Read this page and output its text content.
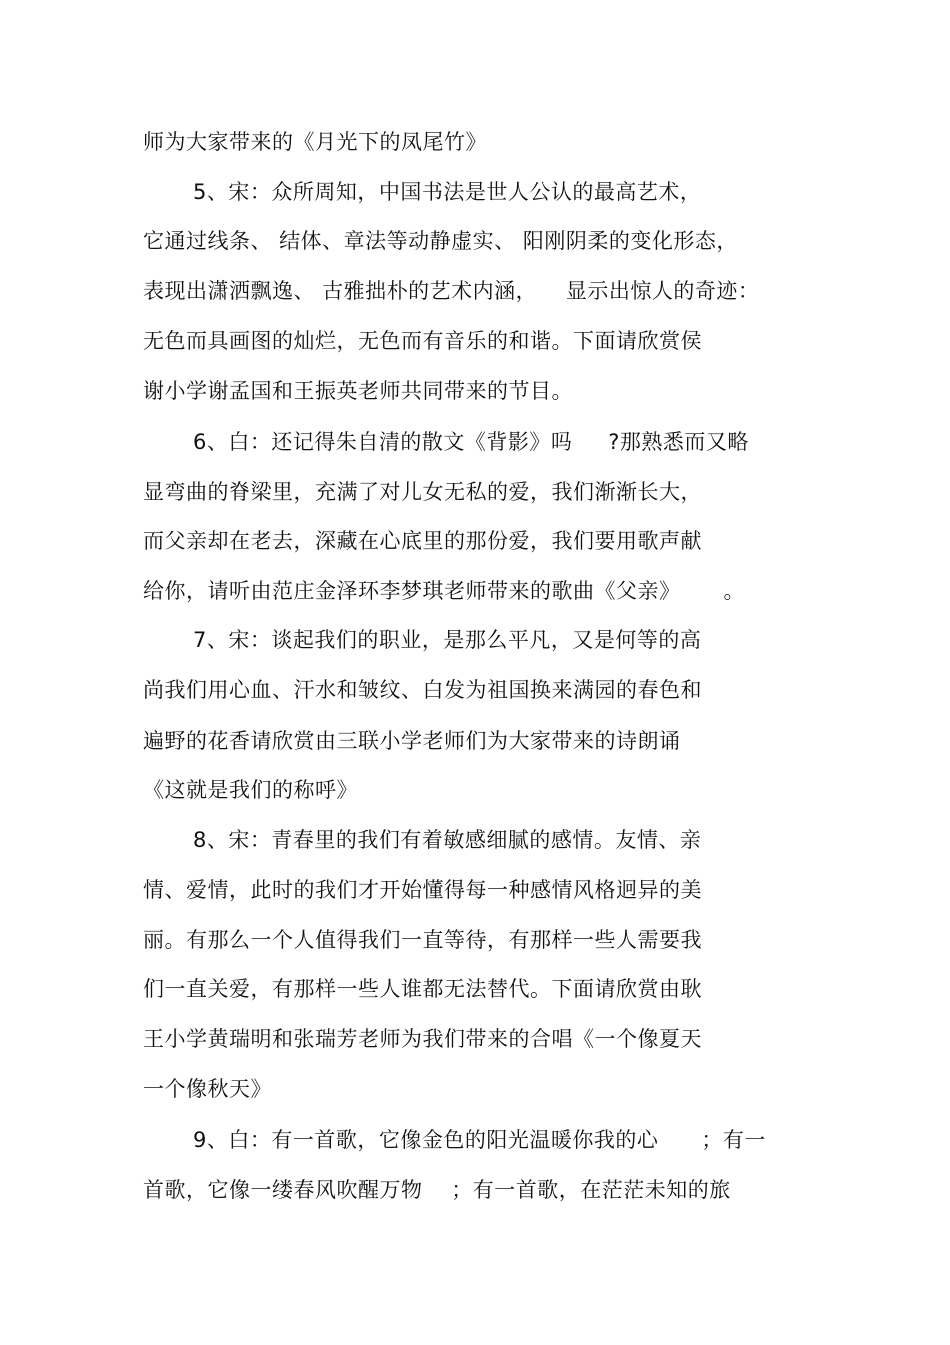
师为大家带来的《月光下的凤尾竹》
5、宋：众所周知，中国书法是世人公认的最高艺术，
它通过线条、 结体、章法等动静虚实、 阳刚阴柔的变化形态，
表现出潇洒飘逸、 古雅拙朴的艺术内涵，    显示出惊人的奇迹：
无色而具画图的灿烂，无色而有音乐的和谐。下面请欣赏侯
谢小学谢孟国和王振英老师共同带来的节目。
6、白：还记得朱自清的散文《背影》吗     ?那熟悉而又略
显弯曲的脊梁里，充满了对儿女无私的爱，我们渐渐长大，
而父亲却在老去，深藏在心底里的那份爱，我们要用歌声献
给你，请听由范庄金泽环李梦琪老师带来的歌曲《父亲》      。
7、宋：谈起我们的职业，是那么平凡，又是何等的高
尚我们用心血、汗水和皱纹、白发为祖国换来满园的春色和
遍野的花香请欣赏由三联小学老师们为大家带来的诗朗诵
《这就是我们的称呼》
8、宋：青春里的我们有着敏感细腻的感情。友情、亲
情、爱情，此时的我们才开始懂得每一种感情风格迥异的美
丽。有那么一个人值得我们一直等待，有那样一些人需要我
们一直关爱，有那样一些人谁都无法替代。下面请欣赏由耿
王小学黄瑞明和张瑞芳老师为我们带来的合唱《一个像夏天
一个像秋天》
9、白：有一首歌，它像金色的阳光温暖你我的心      ；有一
首歌，它像一缕春风吹醒万物    ；有一首歌，在茫茫未知的旅
